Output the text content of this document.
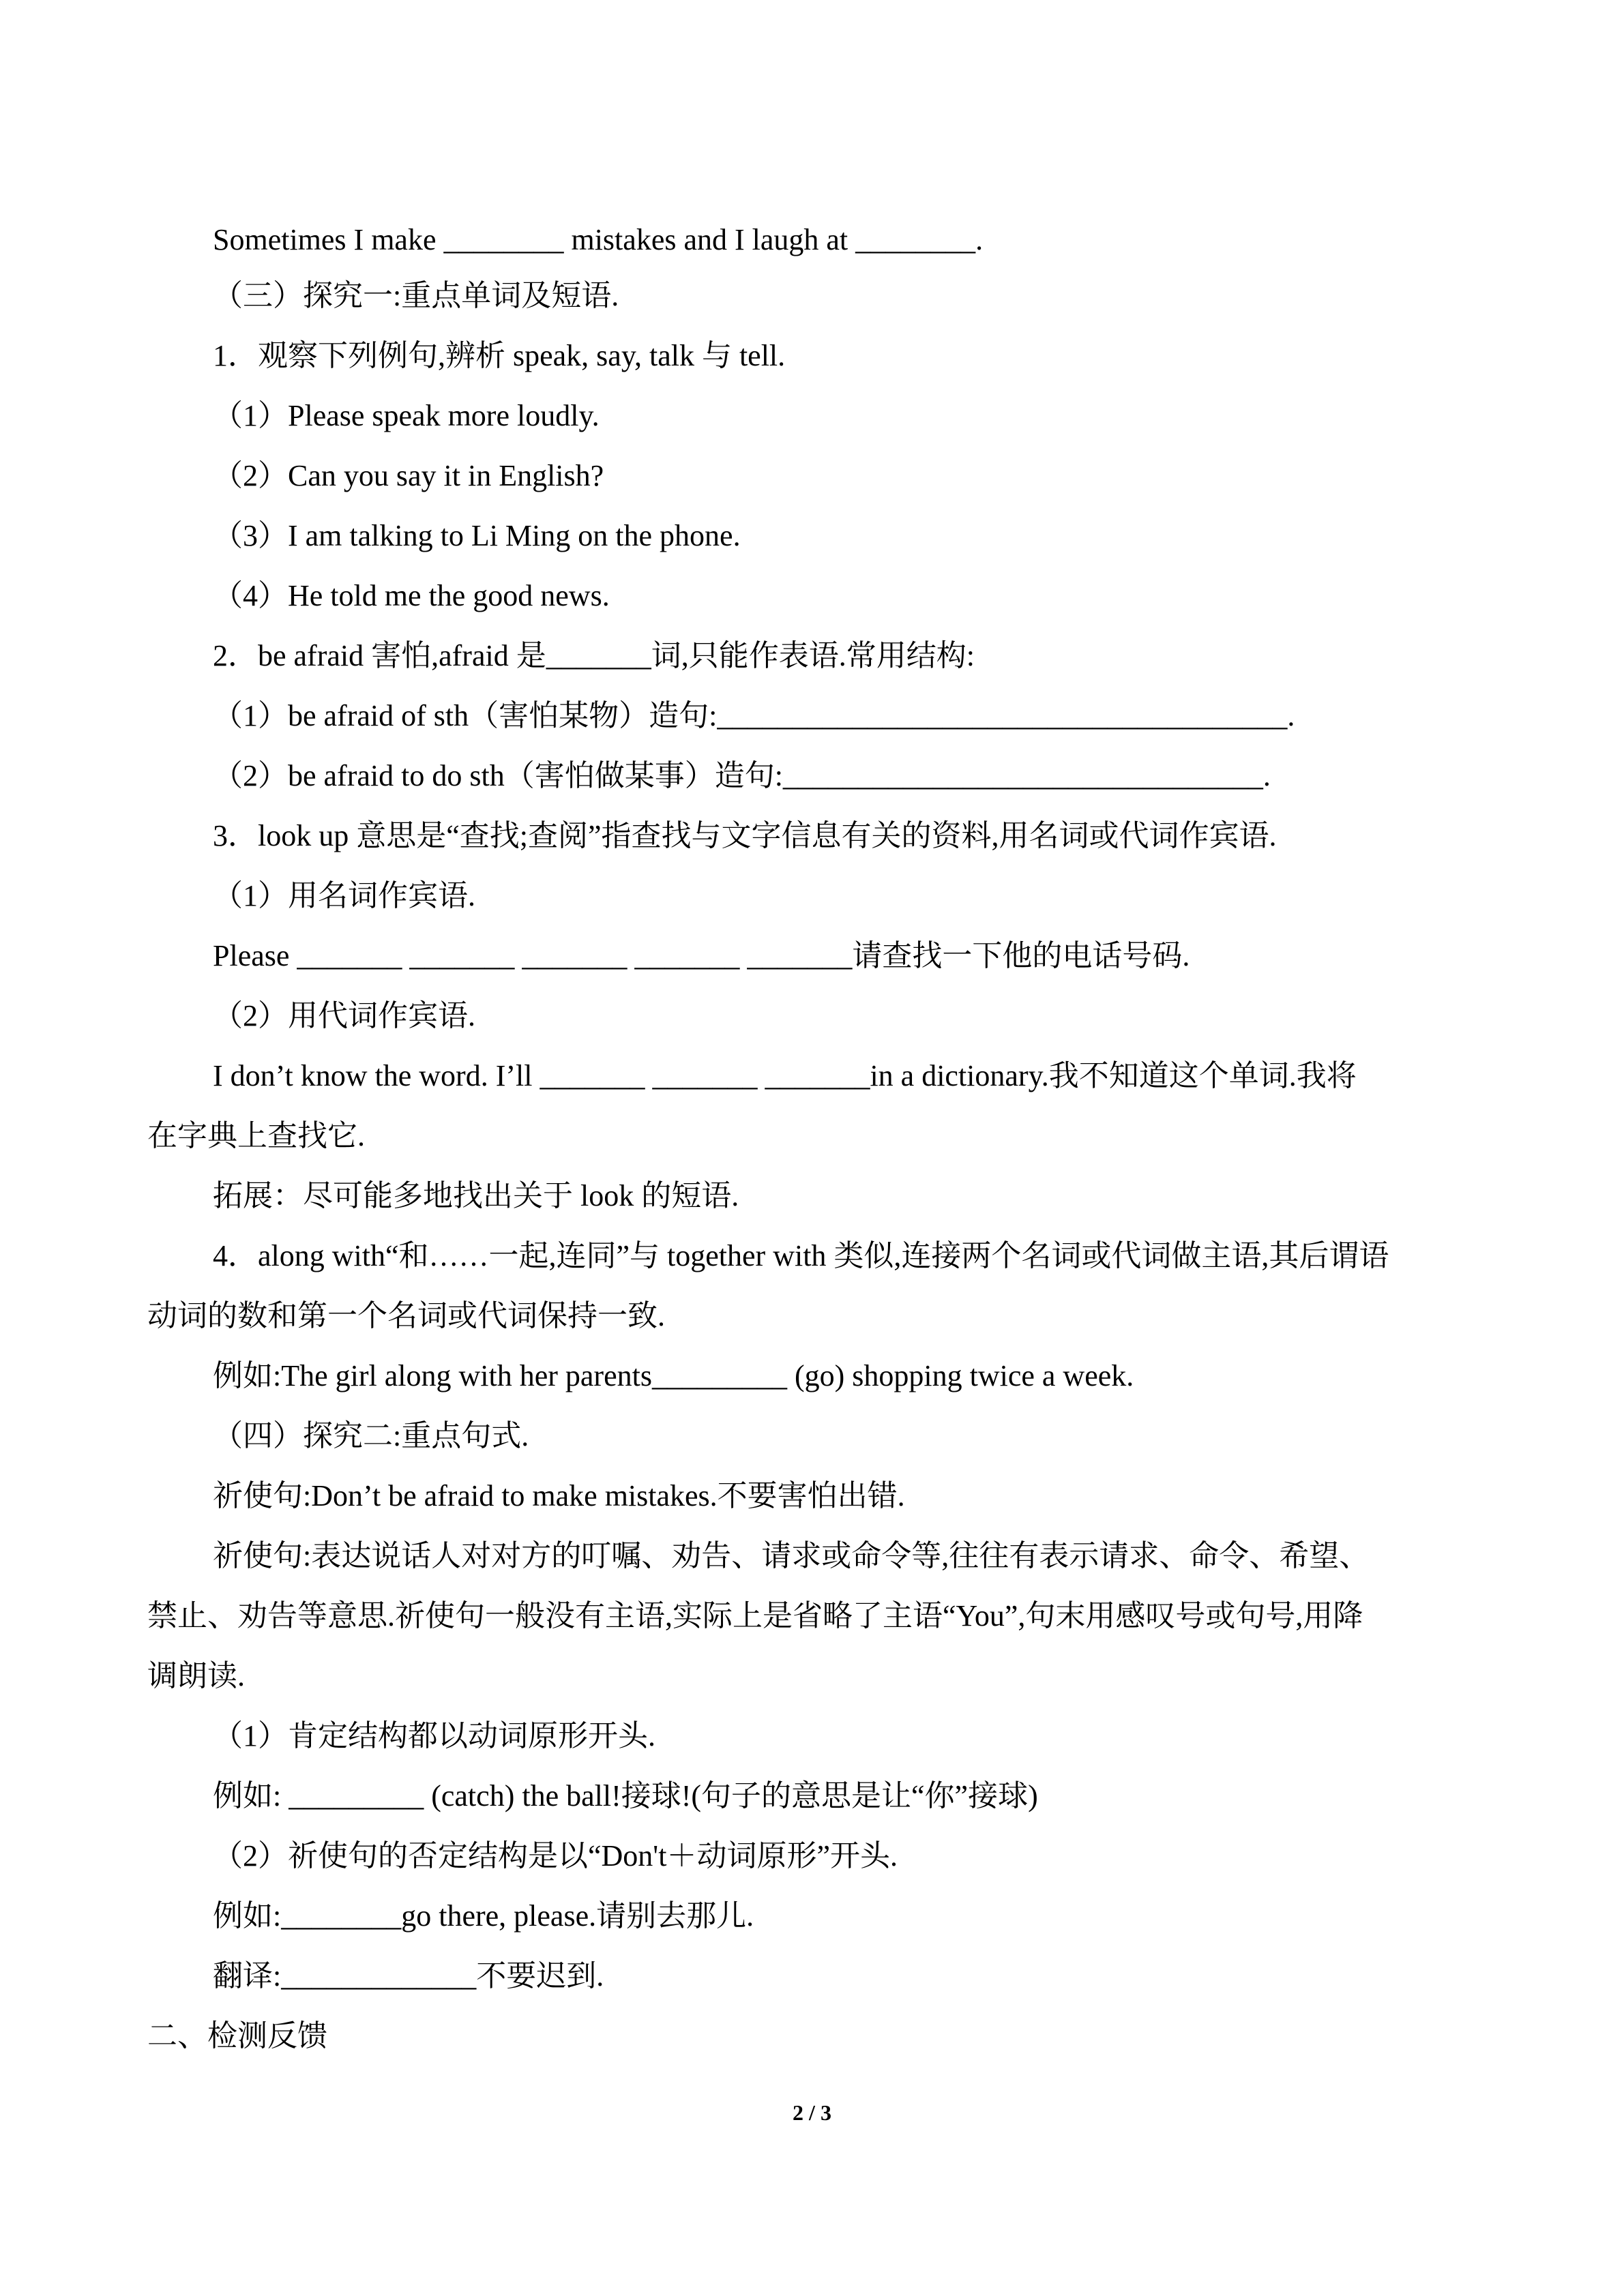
Sometimes I make ________ mistakes and I laugh at ________.
（三）探究一:重点单词及短语.
1．观察下列例句,辨析 speak, say, talk 与 tell.
（1）Please speak more loudly.
（2）Can you say it in English?
（3）I am talking to Li Ming on the phone.
（4）He told me the good news.
2．be afraid 害怕,afraid 是_______词,只能作表语.常用结构:
（1）be afraid of sth（害怕某物）造句:______________________________________.
（2）be afraid to do sth（害怕做某事）造句:________________________________.
3．look up 意思是“查找;查阅”指查找与文字信息有关的资料,用名词或代词作宾语.
（1）用名词作宾语.
Please _______ _______ _______ _______ _______请查找一下他的电话号码.
（2）用代词作宾语.
I don’t know the word. I’ll _______ _______ _______in a dictionary.我不知道这个单词.我将
在字典上查找它.
拓展：尽可能多地找出关于 look 的短语.
4．along with“和……一起,连同”与 together with 类似,连接两个名词或代词做主语,其后谓语
动词的数和第一个名词或代词保持一致.
例如:The girl along with her parents_________ (go) shopping twice a week.
（四）探究二:重点句式.
祈使句:Don’t be afraid to make mistakes.不要害怕出错.
祈使句:表达说话人对对方的叮嘱、劝告、请求或命令等,往往有表示请求、命令、希望、
禁止、劝告等意思.祈使句一般没有主语,实际上是省略了主语“You”,句末用感叹号或句号,用降
调朗读.
（1）肯定结构都以动词原形开头.
例如: _________ (catch) the ball!接球!(句子的意思是让“你”接球)
（2）祈使句的否定结构是以“Don't＋动词原形”开头.
例如:________go there, please.请别去那儿.
翻译:_____________不要迟到.
二、检测反馈
2 / 3
